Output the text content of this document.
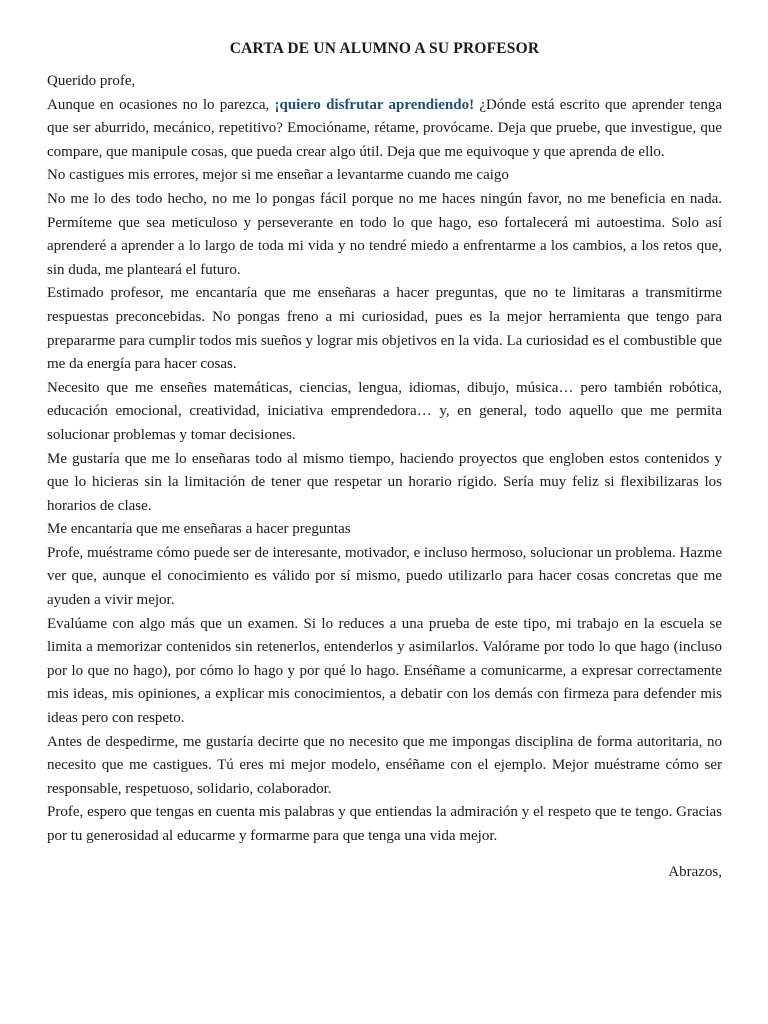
CARTA DE UN ALUMNO A SU PROFESOR

Querido profe,

Aunque en ocasiones no lo parezca, ¡quiero disfrutar aprendiendo! ¿Dónde está escrito que aprender tenga que ser aburrido, mecánico, repetitivo? Emocióname, rétame, provócame. Deja que pruebe, que investigue, que compare, que manipule cosas, que pueda crear algo útil. Deja que me equivoque y que aprenda de ello.

No castigues mis errores, mejor si me enseñar a levantarme cuando me caigo

No me lo des todo hecho, no me lo pongas fácil porque no me haces ningún favor, no me beneficia en nada. Permíteme que sea meticuloso y perseverante en todo lo que hago, eso fortalecerá mi autoestima. Solo así aprenderé a aprender a lo largo de toda mi vida y no tendré miedo a enfrentarme a los cambios, a los retos que, sin duda, me planteará el futuro.

Estimado profesor, me encantaría que me enseñaras a hacer preguntas, que no te limitaras a transmitirme respuestas preconcebidas. No pongas freno a mi curiosidad, pues es la mejor herramienta que tengo para prepararme para cumplir todos mis sueños y lograr mis objetivos en la vida. La curiosidad es el combustible que me da energía para hacer cosas.

Necesito que me enseñes matemáticas, ciencias, lengua, idiomas, dibujo, música… pero también robótica, educación emocional, creatividad, iniciativa emprendedora… y, en general, todo aquello que me permita solucionar problemas y tomar decisiones.

Me gustaría que me lo enseñaras todo al mismo tiempo, haciendo proyectos que engloben estos contenidos y que lo hicieras sin la limitación de tener que respetar un horario rígido. Sería muy feliz si flexibilizaras los horarios de clase.

Me encantaría que me enseñaras a hacer preguntas

Profe, muéstrame cómo puede ser de interesante, motivador, e incluso hermoso, solucionar un problema. Hazme ver que, aunque el conocimiento es válido por sí mismo, puedo utilizarlo para hacer cosas concretas que me ayuden a vivir mejor.

Evalúame con algo más que un examen. Si lo reduces a una prueba de este tipo, mi trabajo en la escuela se limita a memorizar contenidos sin retenerlos, entenderlos y asimilarlos. Valórame por todo lo que hago (incluso por lo que no hago), por cómo lo hago y por qué lo hago. Enséñame a comunicarme, a expresar correctamente mis ideas, mis opiniones, a explicar mis conocimientos, a debatir con los demás con firmeza para defender mis ideas pero con respeto.

Antes de despedirme, me gustaría decirte que no necesito que me impongas disciplina de forma autoritaria, no necesito que me castigues. Tú eres mi mejor modelo, enséñame con el ejemplo. Mejor muéstrame cómo ser responsable, respetuoso, solidario, colaborador.

Profe, espero que tengas en cuenta mis palabras y que entiendas la admiración y el respeto que te tengo. Gracias por tu generosidad al educarme y formarme para que tenga una vida mejor.

Abrazos,
